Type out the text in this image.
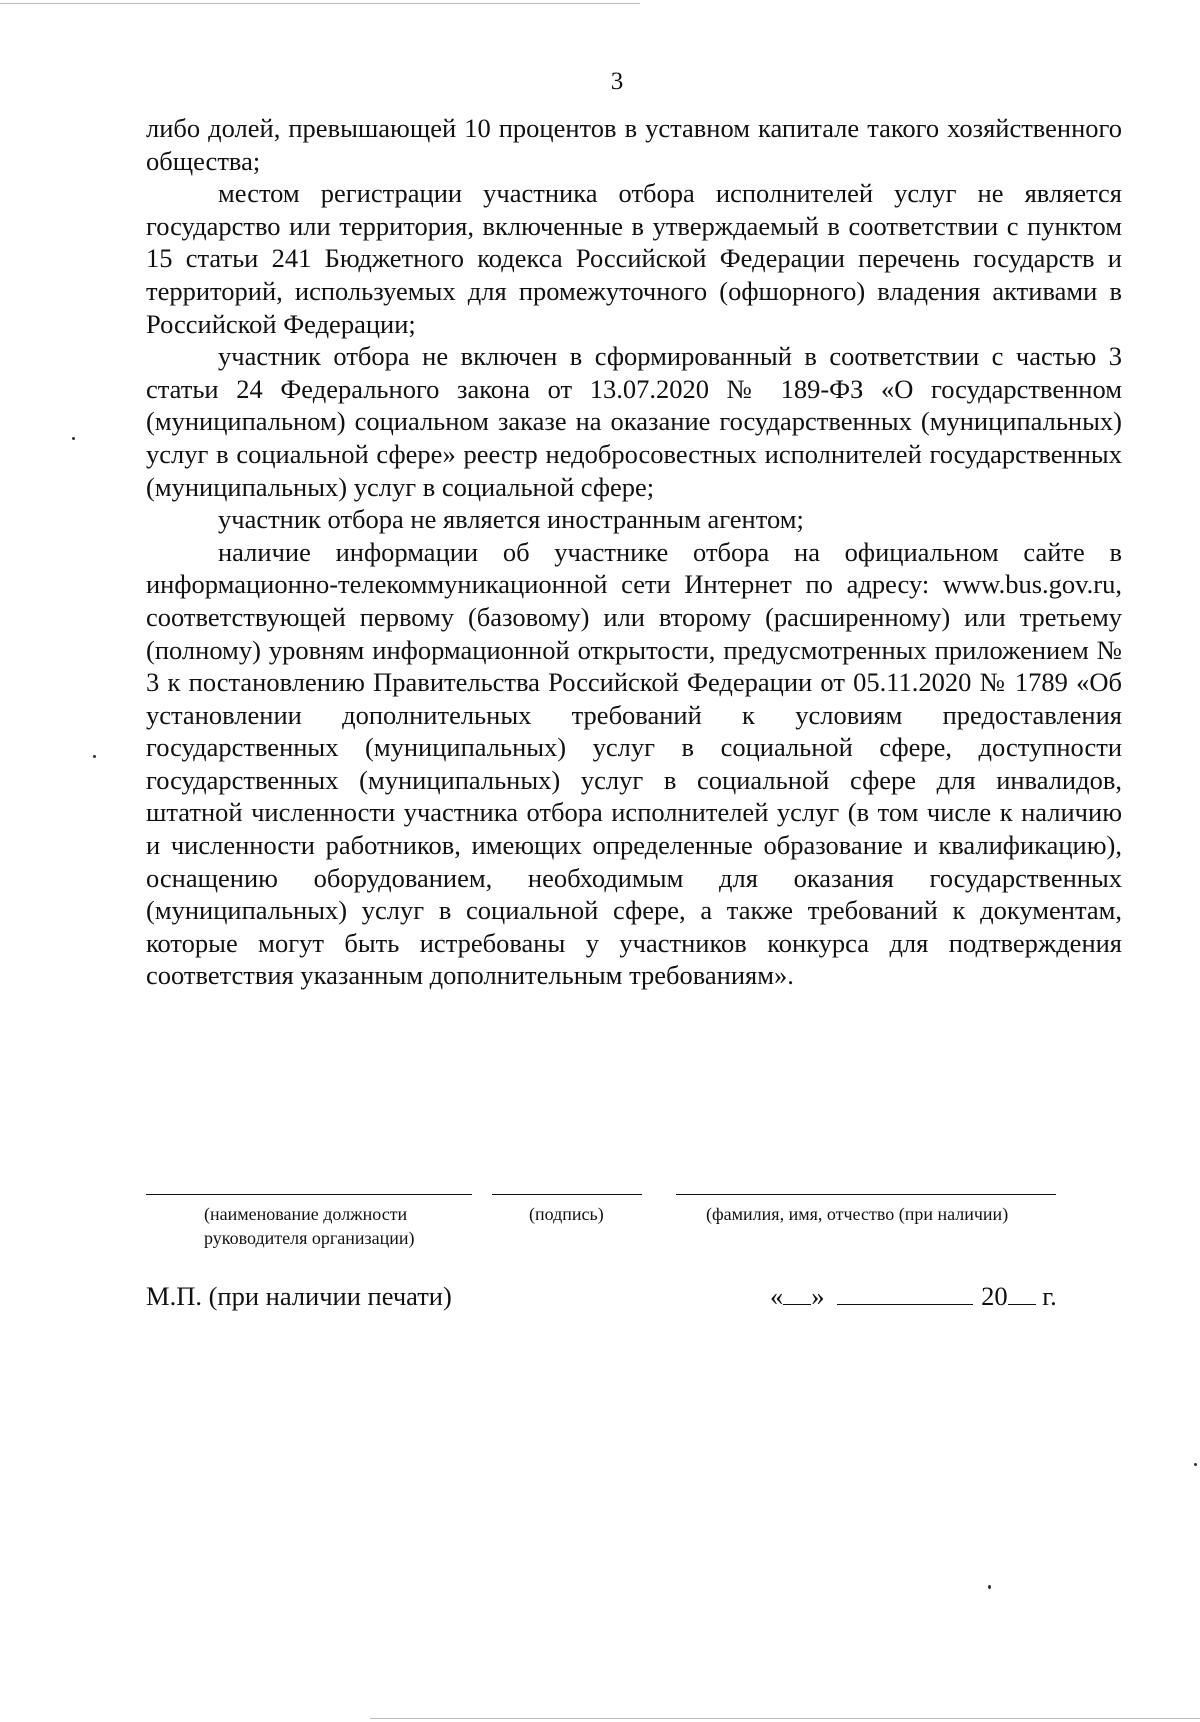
3

либо долей, превышающей 10 процентов в уставном капитале такого хозяйственного общества;

местом регистрации участника отбора исполнителей услуг не является государство или территория, включенные в утверждаемый в соответствии с пунктом 15 статьи 241 Бюджетного кодекса Российской Федерации перечень государств и территорий, используемых для промежуточного (офшорного) владения активами в Российской Федерации;

участник отбора не включен в сформированный в соответствии с частью 3 статьи 24 Федерального закона от 13.07.2020 № 189-ФЗ «О государственном (муниципальном) социальном заказе на оказание государственных (муниципальных) услуг в социальной сфере» реестр недобросовестных исполнителей государственных (муниципальных) услуг в социальной сфере;

участник отбора не является иностранным агентом;

наличие информации об участнике отбора на официальном сайте в информационно-телекоммуникационной сети Интернет по адресу: www.bus.gov.ru, соответствующей первому (базовому) или второму (расширенному) или третьему (полному) уровням информационной открытости, предусмотренных приложением № 3 к постановлению Правительства Российской Федерации от 05.11.2020 № 1789 «Об установлении дополнительных требований к условиям предоставления государственных (муниципальных) услуг в социальной сфере, доступности государственных (муниципальных) услуг в социальной сфере для инвалидов, штатной численности участника отбора исполнителей услуг (в том числе к наличию и численности работников, имеющих определенные образование и квалификацию), оснащению оборудованием, необходимым для оказания государственных (муниципальных) услуг в социальной сфере, а также требований к документам, которые могут быть истребованы у участников конкурса для подтверждения соответствия указанным дополнительным требованиям».

(наименование должности
руководителя организации)
(подпись)	(фамилия, имя, отчество (при наличии)
М.П. (при наличии печати)	« »	20 г.
